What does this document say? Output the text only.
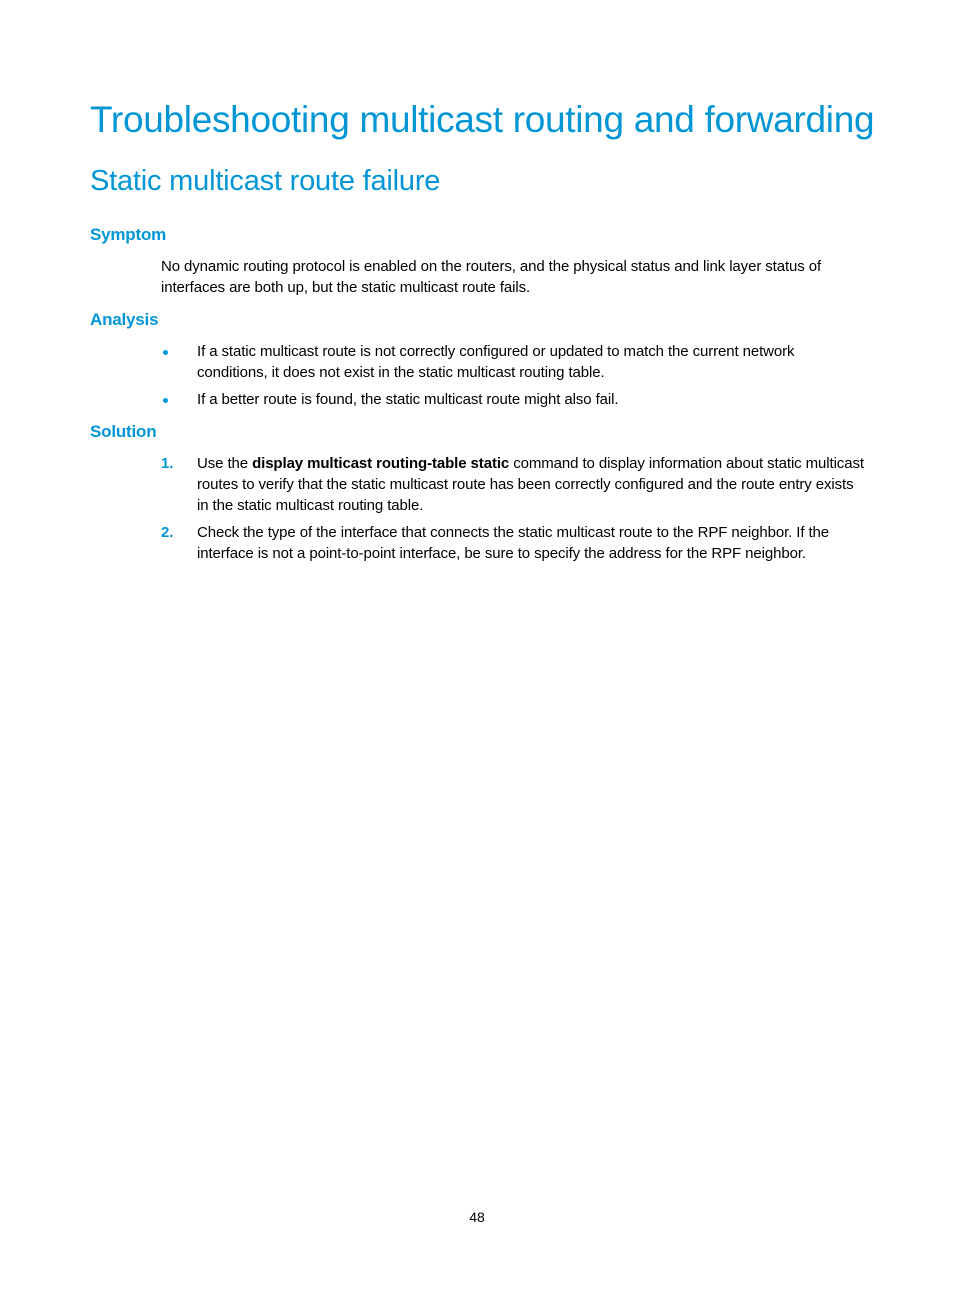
Troubleshooting multicast routing and forwarding
Static multicast route failure
Symptom

No dynamic routing protocol is enabled on the routers, and the physical status and link layer status of interfaces are both up, but the static multicast route fails.

Analysis
If a static multicast route is not correctly configured or updated to match the current network conditions, it does not exist in the static multicast routing table.
If a better route is found, the static multicast route might also fail.
Solution
1.	Use the display multicast routing-table static command to display information about static multicast routes to verify that the static multicast route has been correctly configured and the route entry exists in the static multicast routing table.
2.	Check the type of the interface that connects the static multicast route to the RPF neighbor. If the interface is not a point-to-point interface, be sure to specify the address for the RPF neighbor.
48
